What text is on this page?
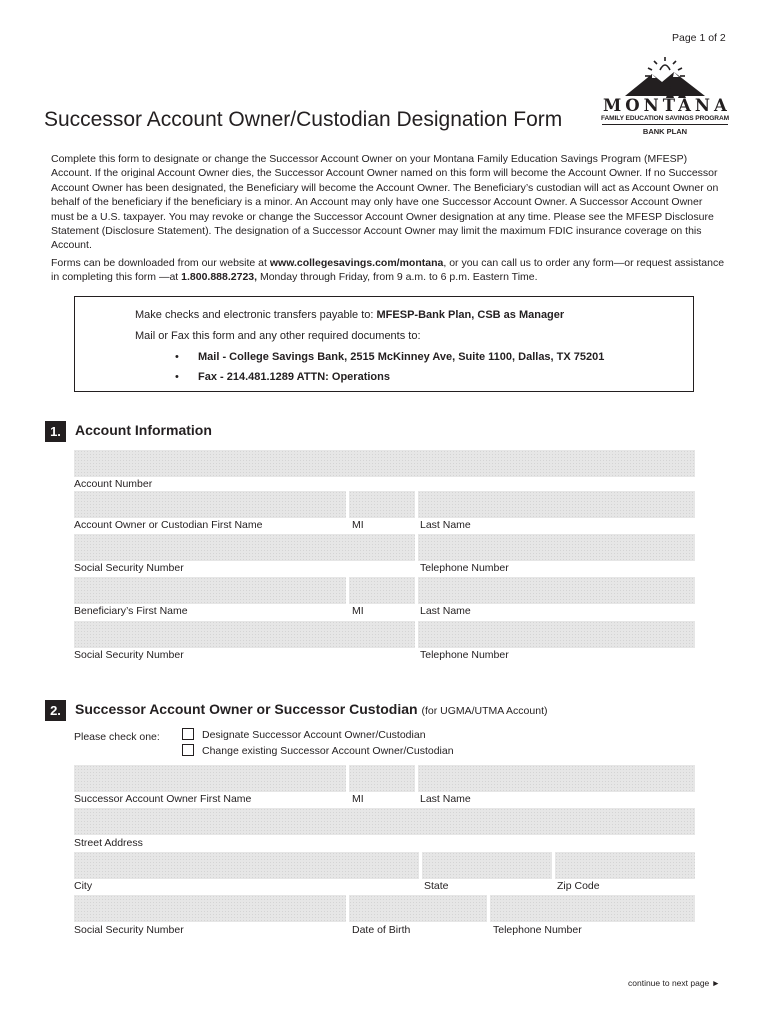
Page 1 of 2
MONTANA
FAMILY EDUCATION SAVINGS PROGRAM
BANK PLAN
Successor Account Owner/Custodian Designation Form

Complete this form to designate or change the Successor Account Owner on your Montana Family Education Savings Program (MFESP) Account. If the original Account Owner dies, the Successor Account Owner named on this form will become the Account Owner. If no Successor Account Owner has been designated, the Beneficiary will become the Account Owner. The Beneficiary’s custodian will act as Account Owner on behalf of the beneficiary if the beneficiary is a minor. An Account may only have one Successor Account Owner. A Successor Account Owner must be a U.S. taxpayer. You may revoke or change the Successor Account Owner designation at any time. Please see the MFESP Disclosure Statement (Disclosure Statement). The designation of a Successor Account Owner may limit the maximum FDIC insurance coverage on this Account.

Forms can be downloaded from our website at www.collegesavings.com/montana, or you can call us to order any form—or request assistance in completing this form —at 1.800.888.2723, Monday through Friday, from 9 a.m. to 6 p.m. Eastern Time.

Make checks and electronic transfers payable to: MFESP-Bank Plan, CSB as Manager
Mail or Fax this form and any other required documents to:
• Mail - College Savings Bank, 2515 McKinney Ave, Suite 1100, Dallas, TX 75201
• Fax - 214.481.1289 ATTN: Operations
1.	Account Information
Account Number
Account Owner or Custodian First Name	MI	Last Name
Social Security Number	Telephone Number
Beneficiary’s First Name	MI	Last Name
Social Security Number	Telephone Number
2.	Successor Account Owner or Successor Custodian (for UGMA/UTMA Account)
Please check one:	Designate Successor Account Owner/Custodian
Change existing Successor Account Owner/Custodian
Successor Account Owner First Name	MI	Last Name
Street Address
City	State	Zip Code
Social Security Number	Date of Birth	Telephone Number
continue to next page ►
